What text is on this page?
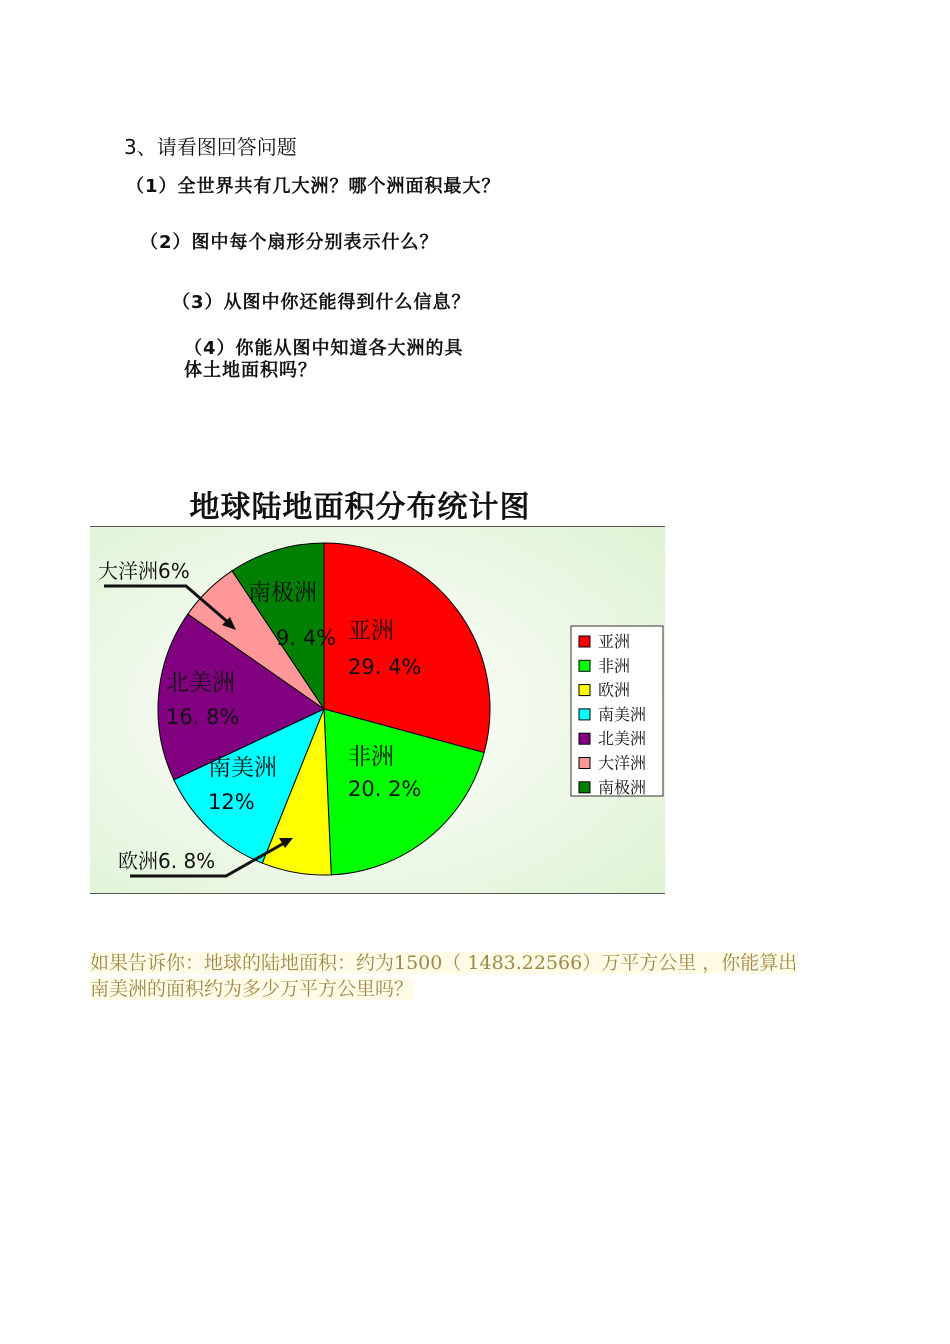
3、请看图回答问题
（1）全世界共有几大洲？哪个洲面积最大？
（2）图中每个扇形分别表示什么？
（3）从图中你还能得到什么信息？
（4）你能从图中知道各大洲的具体土地面积吗？
地球陆地面积分布统计图
亚洲
29. 4%
非洲
20. 2%
南美洲
12%
北美洲
16. 8%
南极洲
9. 4%
大洋洲6%
欧洲6. 8%
亚洲
非洲
欧洲
南美洲
北美洲
大洋洲
南极洲
如果告诉你：地球的陆地面积：约为1500（ 1483.22566）万平方公里 ，你能算出
南美洲的面积约为多少万平方公里吗？
